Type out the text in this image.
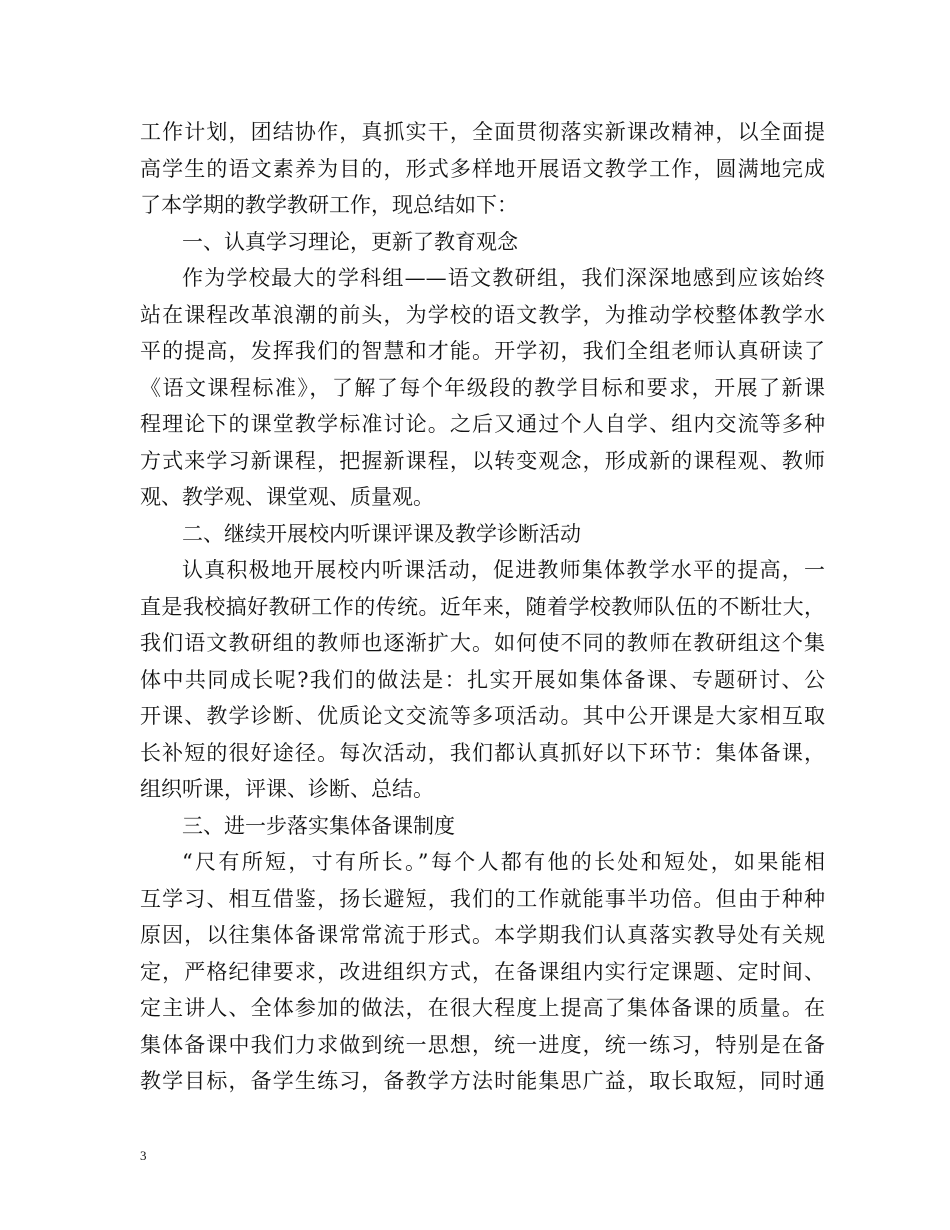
工作计划，团结协作，真抓实干，全面贯彻落实新课改精神，以全面提
高学生的语文素养为目的，形式多样地开展语文教学工作，圆满地完成
了本学期的教学教研工作，现总结如下：
一、认真学习理论，更新了教育观念
作为学校最大的学科组——语文教研组，我们深深地感到应该始终
站在课程改革浪潮的前头，为学校的语文教学，为推动学校整体教学水
平的提高，发挥我们的智慧和才能。开学初，我们全组老师认真研读了
《语文课程标准》，了解了每个年级段的教学目标和要求，开展了新课
程理论下的课堂教学标准讨论。之后又通过个人自学、组内交流等多种
方式来学习新课程，把握新课程，以转变观念，形成新的课程观、教师
观、教学观、课堂观、质量观。
二、继续开展校内听课评课及教学诊断活动
认真积极地开展校内听课活动，促进教师集体教学水平的提高，一
直是我校搞好教研工作的传统。近年来，随着学校教师队伍的不断壮大，
我们语文教研组的教师也逐渐扩大。如何使不同的教师在教研组这个集
体中共同成长呢?我们的做法是：扎实开展如集体备课、专题研讨、公
开课、教学诊断、优质论文交流等多项活动。其中公开课是大家相互取
长补短的很好途径。每次活动，我们都认真抓好以下环节：集体备课，
组织听课，评课、诊断、总结。
三、进一步落实集体备课制度
“尺有所短，寸有所长。”每个人都有他的长处和短处，如果能相
互学习、相互借鉴，扬长避短，我们的工作就能事半功倍。但由于种种
原因，以往集体备课常常流于形式。本学期我们认真落实教导处有关规
定，严格纪律要求，改进组织方式，在备课组内实行定课题、定时间、
定主讲人、全体参加的做法，在很大程度上提高了集体备课的质量。在
集体备课中我们力求做到统一思想，统一进度，统一练习，特别是在备
教学目标，备学生练习，备教学方法时能集思广益，取长取短，同时通
3
